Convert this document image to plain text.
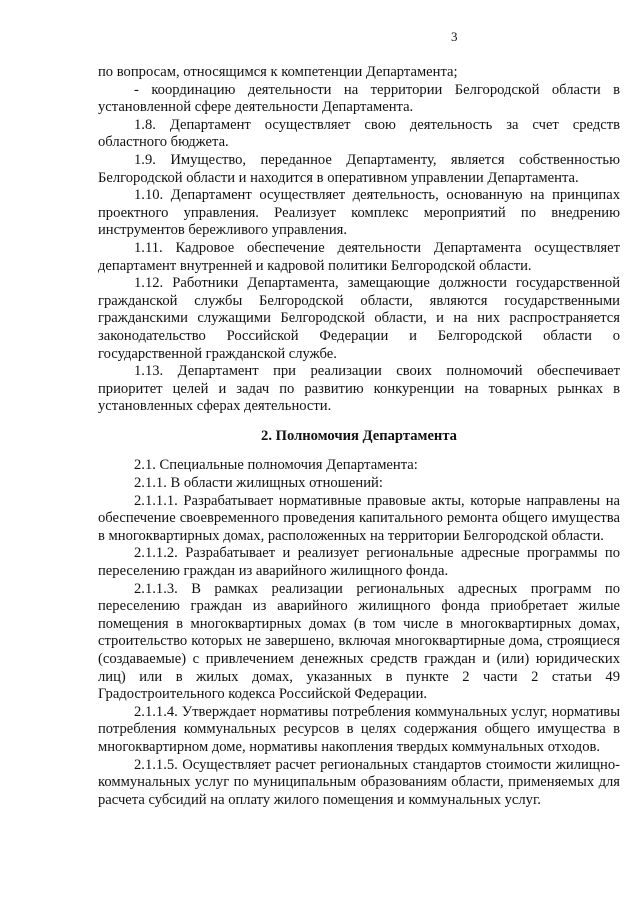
3

по вопросам, относящимся к компетенции Департамента;

- координацию деятельности на территории Белгородской области в установленной сфере деятельности Департамента.

1.8. Департамент осуществляет свою деятельность за счет средств областного бюджета.

1.9. Имущество, переданное Департаменту, является собственностью Белгородской области и находится в оперативном управлении Департамента.

1.10. Департамент осуществляет деятельность, основанную на принципах проектного управления. Реализует комплекс мероприятий по внедрению инструментов бережливого управления.

1.11. Кадровое обеспечение деятельности Департамента осуществляет департамент внутренней и кадровой политики Белгородской области.

1.12. Работники Департамента, замещающие должности государственной гражданской службы Белгородской области, являются государственными гражданскими служащими Белгородской области, и на них распространяется законодательство Российской Федерации и Белгородской области о государственной гражданской службе.

1.13. Департамент при реализации своих полномочий обеспечивает приоритет целей и задач по развитию конкуренции на товарных рынках в установленных сферах деятельности.

2. Полномочия Департамента

2.1. Специальные полномочия Департамента:

2.1.1. В области жилищных отношений:

2.1.1.1. Разрабатывает нормативные правовые акты, которые направлены на обеспечение своевременного проведения капитального ремонта общего имущества в многоквартирных домах, расположенных на территории Белгородской области.

2.1.1.2. Разрабатывает и реализует региональные адресные программы по переселению граждан из аварийного жилищного фонда.

2.1.1.3. В рамках реализации региональных адресных программ по переселению граждан из аварийного жилищного фонда приобретает жилые помещения в многоквартирных домах (в том числе в многоквартирных домах, строительство которых не завершено, включая многоквартирные дома, строящиеся (создаваемые) с привлечением денежных средств граждан и (или) юридических лиц) или в жилых домах, указанных в пункте 2 части 2 статьи 49 Градостроительного кодекса Российской Федерации.

2.1.1.4. Утверждает нормативы потребления коммунальных услуг, нормативы потребления коммунальных ресурсов в целях содержания общего имущества в многоквартирном доме, нормативы накопления твердых коммунальных отходов.

2.1.1.5. Осуществляет расчет региональных стандартов стоимости жилищно-коммунальных услуг по муниципальным образованиям области, применяемых для расчета субсидий на оплату жилого помещения и коммунальных услуг.
